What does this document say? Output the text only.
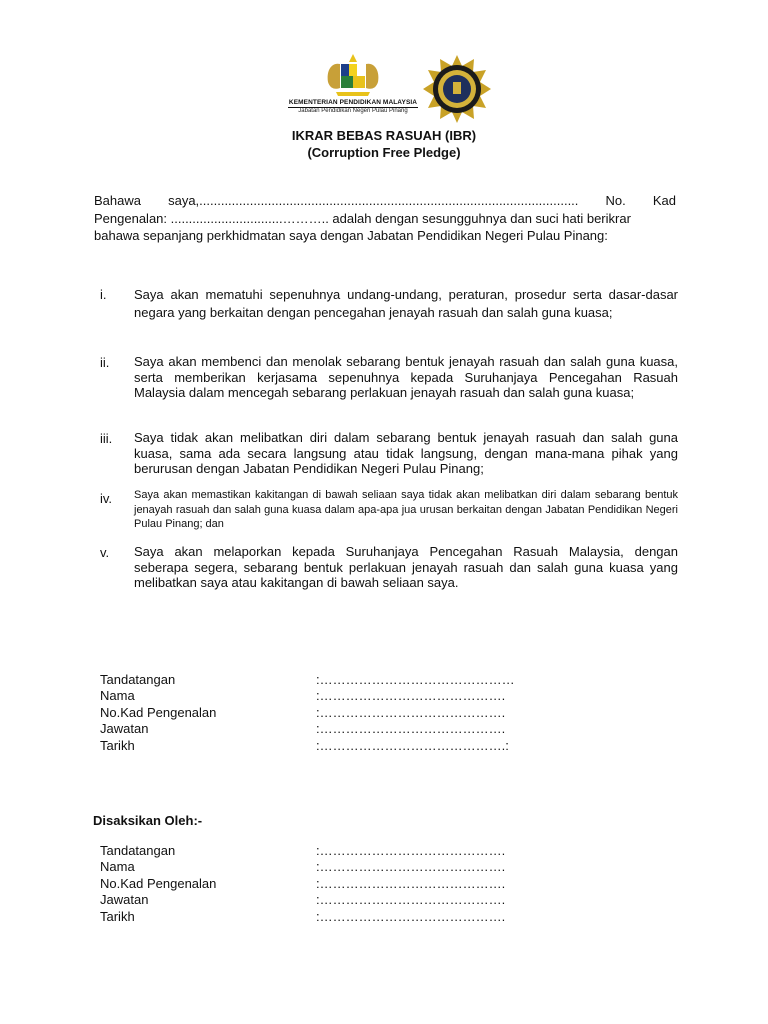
KEMENTERIAN PENDIDIKAN MALAYSIA
Jabatan Pendidikan Negeri Pulau Pinang
IKRAR BEBAS RASUAH (IBR)
(Corruption Free Pledge)
Bahawa saya,......................................................................................................... No. Kad
Pengenalan: ...............................……….. adalah dengan sesungguhnya dan suci hati berikrar
bahawa sepanjang perkhidmatan saya dengan Jabatan Pendidikan Negeri Pulau Pinang:
i. Saya akan mematuhi sepenuhnya undang-undang, peraturan, prosedur serta dasar-dasar negara yang berkaitan dengan pencegahan jenayah rasuah dan salah guna kuasa;
ii. Saya akan membenci dan menolak sebarang bentuk jenayah rasuah dan salah guna kuasa, serta memberikan kerjasama sepenuhnya kepada Suruhanjaya Pencegahan Rasuah Malaysia dalam mencegah sebarang perlakuan jenayah rasuah dan salah guna kuasa;
iii. Saya tidak akan melibatkan diri dalam sebarang bentuk jenayah rasuah dan salah guna kuasa, sama ada secara langsung atau tidak langsung, dengan mana-mana pihak yang berurusan dengan Jabatan Pendidikan Negeri Pulau Pinang;
iv. Saya akan memastikan kakitangan di bawah seliaan saya tidak akan melibatkan diri dalam sebarang bentuk jenayah rasuah dan salah guna kuasa dalam apa-apa jua urusan berkaitan dengan Jabatan Pendidikan Negeri Pulau Pinang; dan
v. Saya akan melaporkan kepada Suruhanjaya Pencegahan Rasuah Malaysia, dengan seberapa segera, sebarang bentuk perlakuan jenayah rasuah dan salah guna kuasa yang melibatkan saya atau kakitangan di bawah seliaan saya.
Tandatangan	:………………………………………
Nama	:…………………………………….
No.Kad Pengenalan	:…………………………………….
Jawatan	:…………………………………….
Tarikh	:…………………………………….:
Disaksikan Oleh:-
Tandatangan	:…………………………………….
Nama	:…………………………………….
No.Kad Pengenalan	:…………………………………….
Jawatan	:…………………………………….
Tarikh	:…………………………………….
